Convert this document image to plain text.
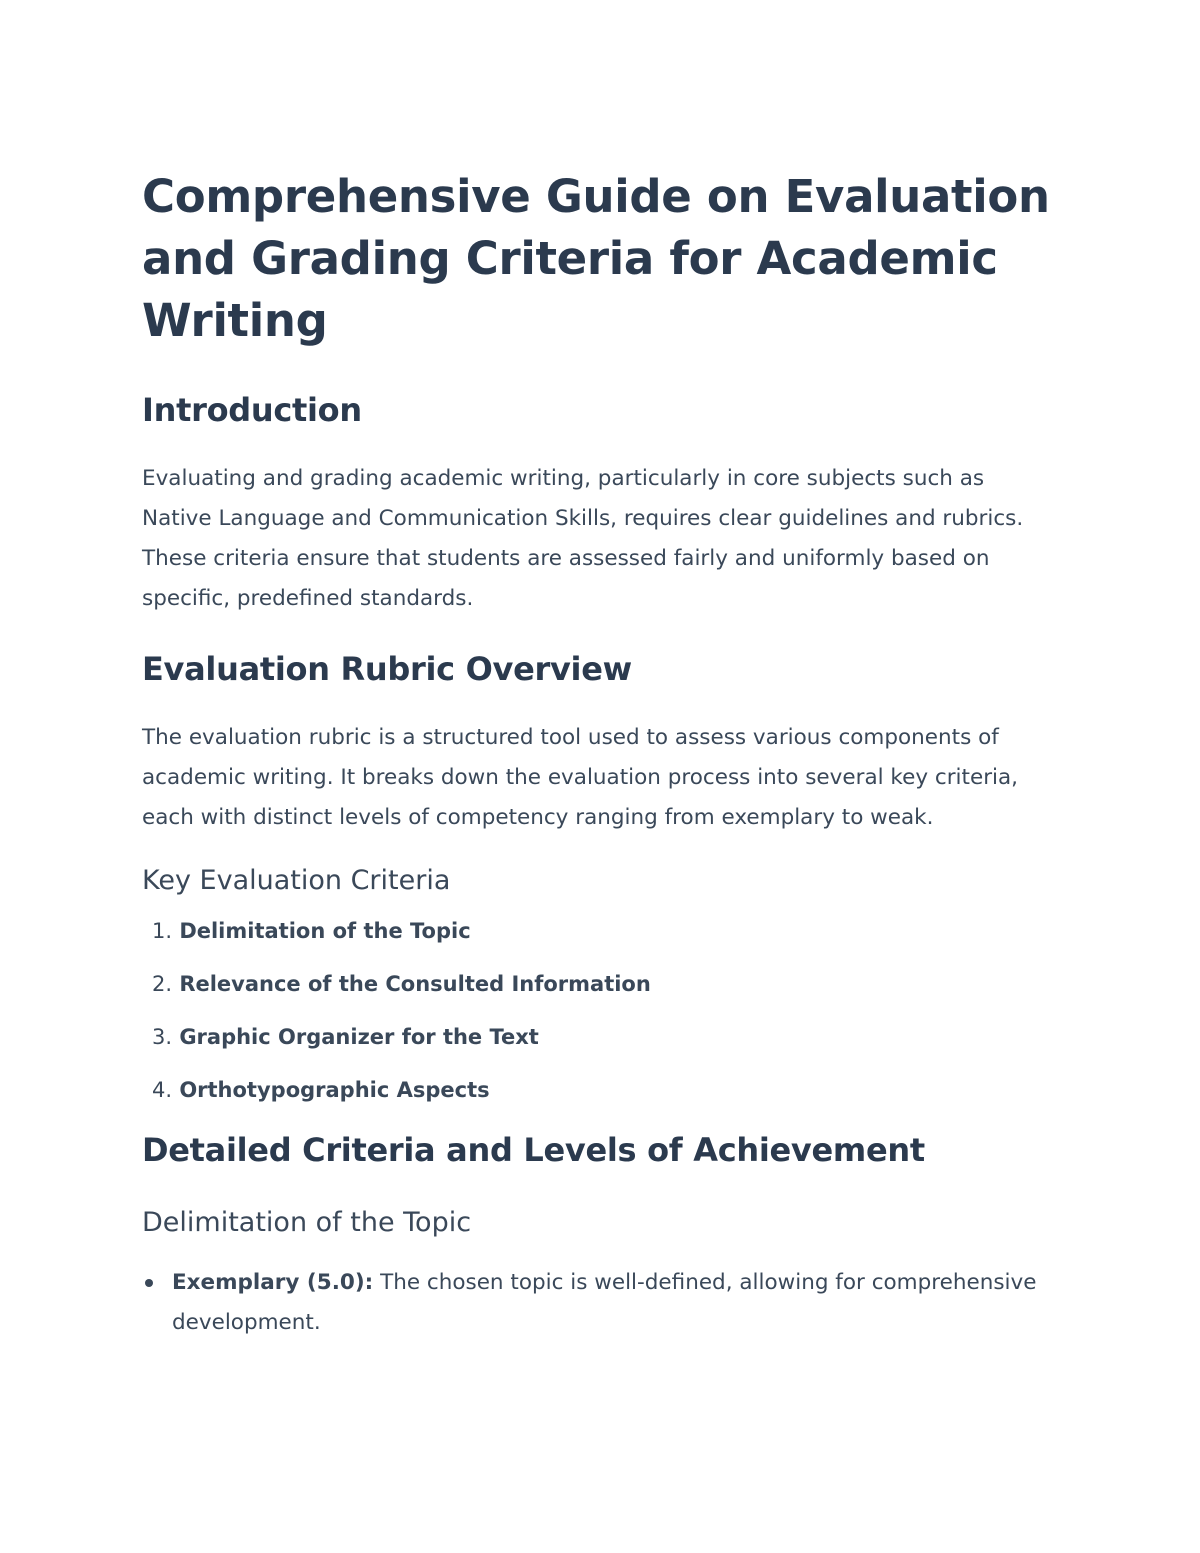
Comprehensive Guide on Evaluation and Grading Criteria for Academic Writing
Introduction

Evaluating and grading academic writing, particularly in core subjects such as Native Language and Communication Skills, requires clear guidelines and rubrics. These criteria ensure that students are assessed fairly and uniformly based on specific, predefined standards.

Evaluation Rubric Overview

The evaluation rubric is a structured tool used to assess various components of academic writing. It breaks down the evaluation process into several key criteria, each with distinct levels of competency ranging from exemplary to weak.

Key Evaluation Criteria
1.
Delimitation of the Topic
2.
Relevance of the Consulted Information
3.
Graphic Organizer for the Text
4.
Orthotypographic Aspects
Detailed Criteria and Levels of Achievement
Delimitation of the Topic
Exemplary (5.0): The chosen topic is well-defined, allowing for comprehensive development.
